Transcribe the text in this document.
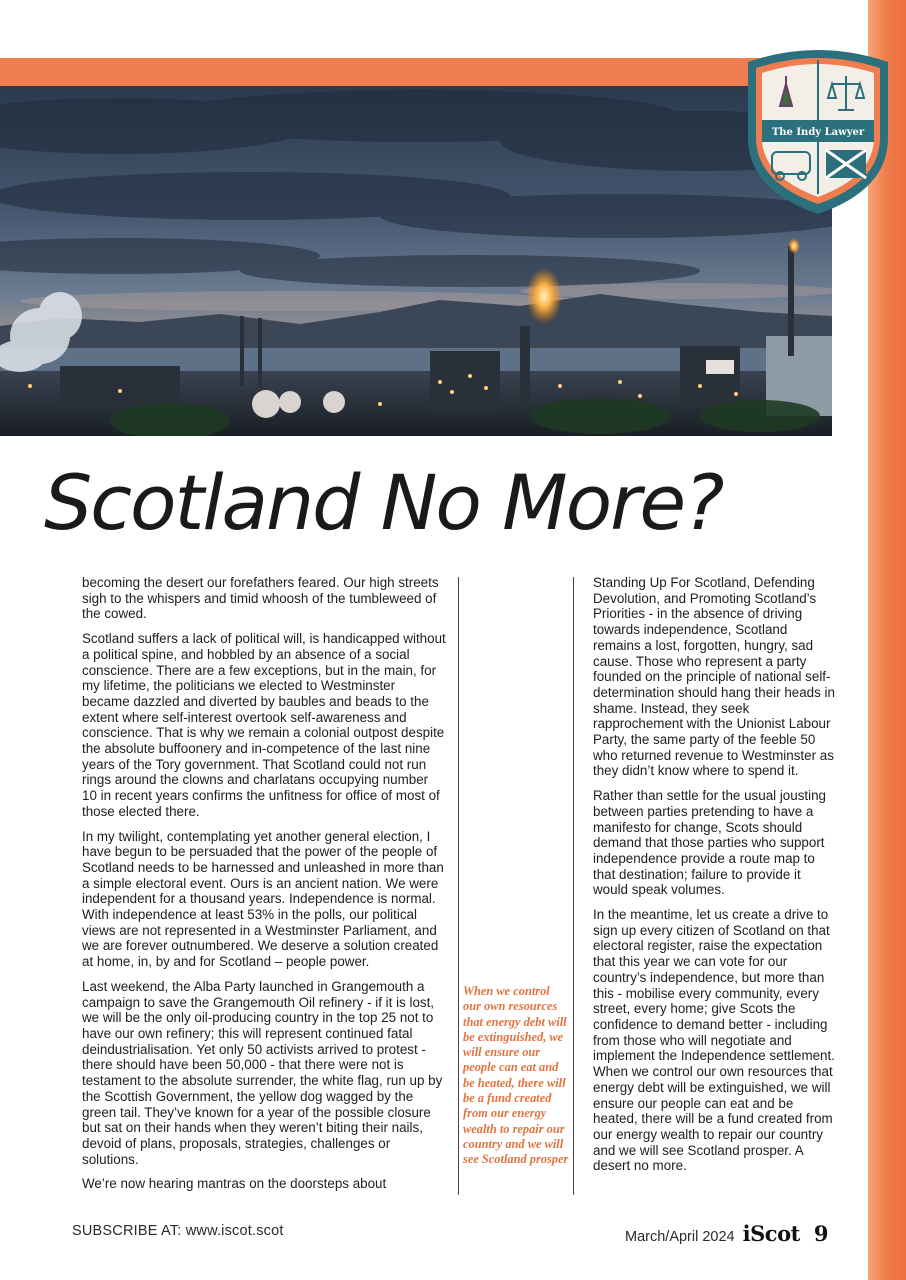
The Indy Lawyer
Scotland No More?

becoming the desert our forefathers feared. Our high streets sigh to the whispers and timid whoosh of the tumbleweed of the cowed.

Scotland suffers a lack of political will, is handicapped without a political spine, and hobbled by an absence of a social conscience. There are a few exceptions, but in the main, for my lifetime, the politicians we elected to Westminster became dazzled and diverted by baubles and beads to the extent where self-interest overtook self-awareness and conscience. That is why we remain a colonial outpost despite the absolute buffoonery and in-competence of the last nine years of the Tory government. That Scotland could not run rings around the clowns and charlatans occupying number 10 in recent years confirms the unfitness for office of most of those elected there.

In my twilight, contemplating yet another general election, I have begun to be persuaded that the power of the people of Scotland needs to be harnessed and unleashed in more than a simple electoral event. Ours is an ancient nation. We were independent for a thousand years. Independence is normal. With independence at least 53% in the polls, our political views are not represented in a Westminster Parliament, and we are forever outnumbered. We deserve a solution created at home, in, by and for Scotland – people power.

Last weekend, the Alba Party launched in Grangemouth a campaign to save the Grangemouth Oil refinery - if it is lost, we will be the only oil-producing country in the top 25 not to have our own refinery; this will represent continued fatal deindustrialisation. Yet only 50 activists arrived to protest - there should have been 50,000 - that there were not is testament to the absolute surrender, the white flag, run up by the Scottish Government, the yellow dog wagged by the green tail. They’ve known for a year of the possible closure but sat on their hands when they weren’t biting their nails, devoid of plans, proposals, strategies, challenges or solutions.

We’re now hearing mantras on the doorsteps about

When we control our own resources that energy debt will be extinguished, we will ensure our people can eat and be heated, there will be a fund created from our energy wealth to repair our country and we will see Scotland prosper

Standing Up For Scotland, Defending Devolution, and Promoting Scotland’s Priorities - in the absence of driving towards independence, Scotland remains a lost, forgotten, hungry, sad cause. Those who represent a party founded on the principle of national self-determination should hang their heads in shame. Instead, they seek rapprochement with the Unionist Labour Party, the same party of the feeble 50 who returned revenue to Westminster as they didn’t know where to spend it.

Rather than settle for the usual jousting between parties pretending to have a manifesto for change, Scots should demand that those parties who support independence provide a route map to that destination; failure to provide it would speak volumes.

In the meantime, let us create a drive to sign up every citizen of Scotland on that electoral register, raise the expectation that this year we can vote for our country’s independence, but more than this - mobilise every community, every street, every home; give Scots the confidence to demand better - including from those who will negotiate and implement the Independence settlement. When we control our own resources that energy debt will be extinguished, we will ensure our people can eat and be heated, there will be a fund created from our energy wealth to repair our country and we will see Scotland prosper. A desert no more.

SUBSCRIBE AT: www.iscot.scot	March/April 2024 iScot 9
